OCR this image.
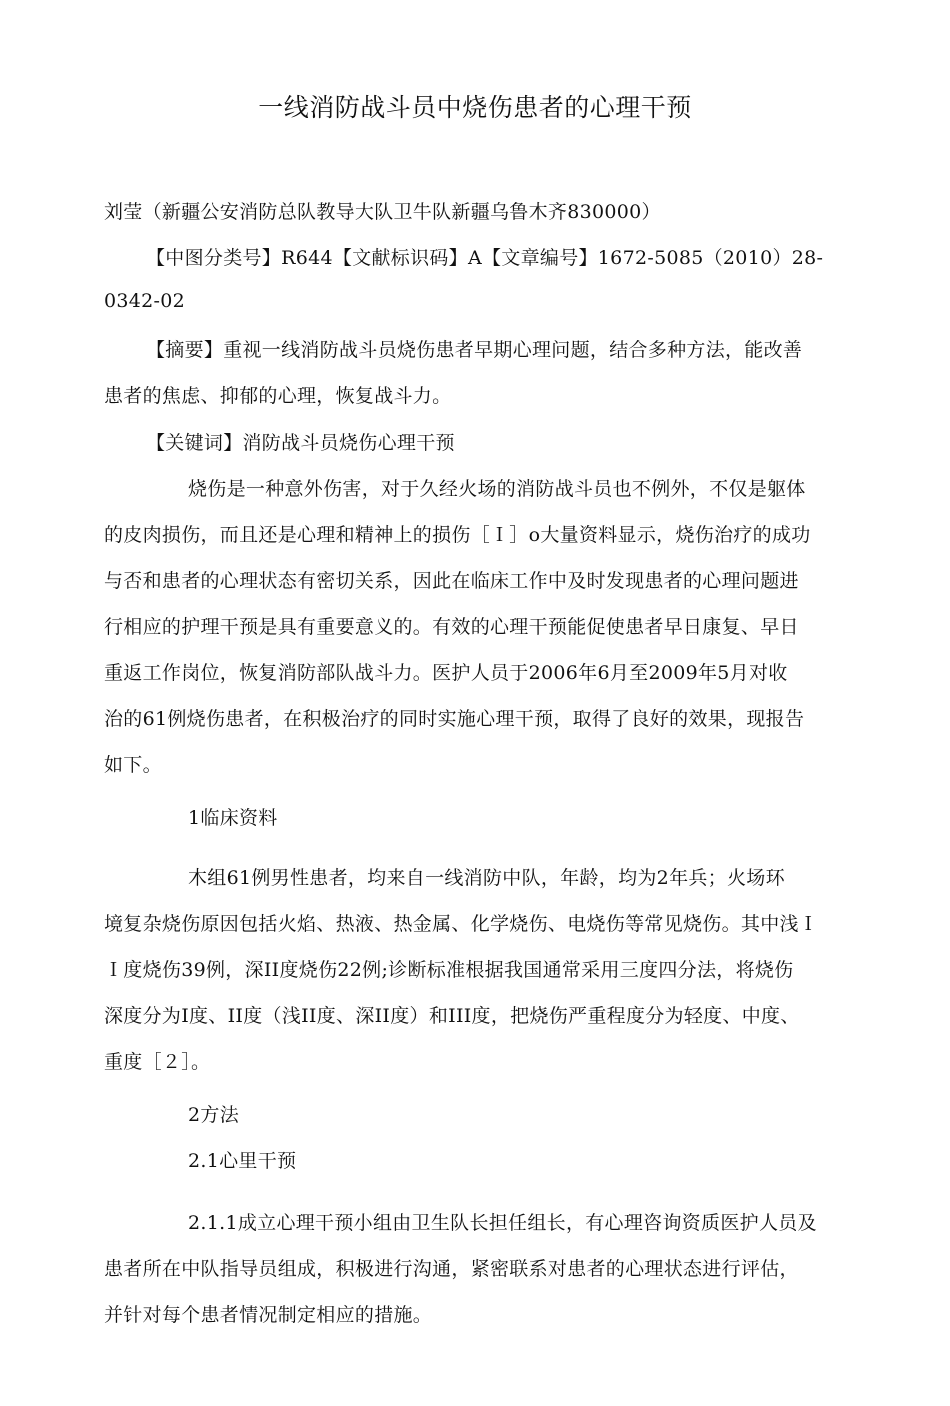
一线消防战斗员中烧伤患者的心理干预
刘莹（新疆公安消防总队教导大队卫牛队新疆乌鲁木齐830000）
【中图分类号】R644【文献标识码】A【文章编号】1672-5085（2010）28-
0342-02
【摘要】重视一线消防战斗员烧伤患者早期心理问题，结合多种方法，能改善
患者的焦虑、抑郁的心理，恢复战斗力。
【关键词】消防战斗员烧伤心理干预
烧伤是一种意外伤害，对于久经火场的消防战斗员也不例外，不仅是躯体
的皮肉损伤，而且还是心理和精神上的损伤［Ｉ］o大量资料显示，烧伤治疗的成功
与否和患者的心理状态有密切关系，因此在临床工作中及时发现患者的心理问题进
行相应的护理干预是具有重要意义的。有效的心理干预能促使患者早日康复、早日
重返工作岗位，恢复消防部队战斗力。医护人员于2006年6月至2009年5月对收
治的61例烧伤患者，在积极治疗的同时实施心理干预，取得了良好的效果，现报告
如下。
1临床资料
木组61例男性患者，均来自一线消防中队，年龄，均为2年兵；火场环
境复杂烧伤原因包括火焰、热液、热金属、化学烧伤、电烧伤等常见烧伤。其中浅Ｉ
Ｉ度烧伤39例，深II度烧伤22例;诊断标准根据我国通常采用三度四分法，将烧伤
深度分为I度、II度（浅II度、深II度）和III度，把烧伤严重程度分为轻度、中度、
重度［２］。
2方法
2.1心里干预
2.1.1成立心理干预小组由卫生队长担任组长，有心理咨询资质医护人员及
患者所在中队指导员组成，积极进行沟通，紧密联系对患者的心理状态进行评估，
并针对每个患者情况制定相应的措施。
